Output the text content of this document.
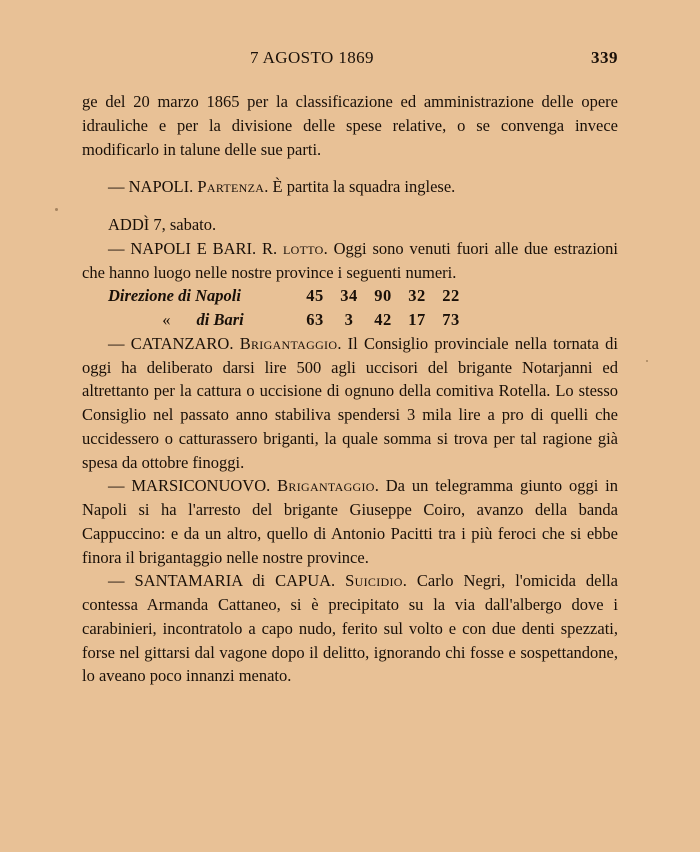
7 AGOSTO 1869	339

ge del 20 marzo 1865 per la classificazione ed amministrazione delle opere idrauliche e per la divisione delle spese relative, o se convenga invece modificarlo in talune delle sue parti.

— NAPOLI. Partenza. È partita la squadra inglese.

ADDÌ 7, sabato.

— NAPOLI E BARI. R. lotto. Oggi sono venuti fuori alle due estrazioni che hanno luogo nelle nostre province i seguenti numeri.

Direzione di Napoli	45 34 90 32 22
« di Bari	63 3 42 17 73

— CATANZARO. Brigantaggio. Il Consiglio provinciale nella tornata di oggi ha deliberato darsi lire 500 agli uccisori del brigante Notarjanni ed altrettanto per la cattura o uccisione di ognuno della comitiva Rotella. Lo stesso Consiglio nel passato anno stabiliva spendersi 3 mila lire a pro di quelli che uccidessero o catturassero briganti, la quale somma si trova per tal ragione già spesa da ottobre finoggi.

— MARSICONUOVO. Brigantaggio. Da un telegramma giunto oggi in Napoli si ha l'arresto del brigante Giuseppe Coiro, avanzo della banda Cappuccino: e da un altro, quello di Antonio Pacitti tra i più feroci che si ebbe finora il brigantaggio nelle nostre province.

— SANTAMARIA di CAPUA. Suicidio. Carlo Negri, l'omicida della contessa Armanda Cattaneo, si è precipitato su la via dall'albergo dove i carabinieri, incontratolo a capo nudo, ferito sul volto e con due denti spezzati, forse nel gittarsi dal vagone dopo il delitto, ignorando chi fosse e sospettandone, lo aveano poco innanzi menato.
